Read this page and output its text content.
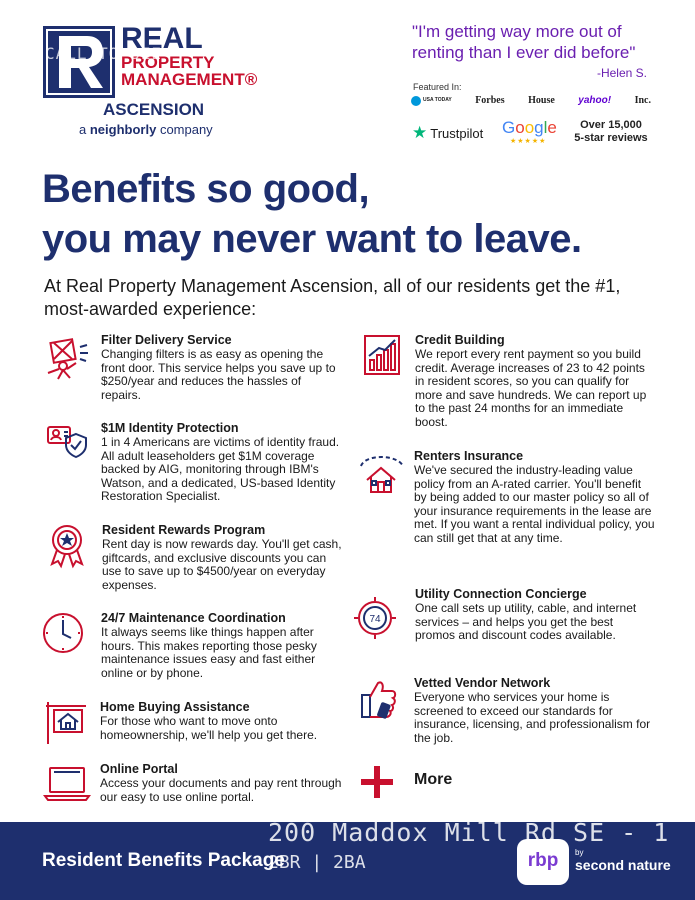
REAL
PROPERTY MANAGEMENT®
ASCENSION
a neighborly company
CALL TO SEE
"I'm getting way more out of renting than I ever did before"
-Helen S.
Featured In:
USA TODAY Forbes House yahoo! Inc.
★ Trustpilot Google
★★★★★
Over 15,000
5-star reviews
Benefits so good,
you may never want to leave.
At Real Property Management Ascension, all of our residents get the #1, most-awarded experience:
Filter Delivery Service
Changing filters is as easy as opening the front door. This service helps you save up to $250/year and reduces the hassles of repairs.
$1M Identity Protection
1 in 4 Americans are victims of identity fraud. All adult leaseholders get $1M coverage backed by AIG, monitoring through IBM's Watson, and a dedicated, US-based Identity Restoration Specialist.
Resident Rewards Program
Rent day is now rewards day. You'll get cash, giftcards, and exclusive discounts you can use to save up to $4500/year on everyday expenses.
24/7 Maintenance Coordination
It always seems like things happen after hours. This makes reporting those pesky maintenance issues easy and fast either online or by phone.
Home Buying Assistance
For those who want to move onto homeownership, we'll help you get there.
Online Portal
Access your documents and pay rent through our easy to use online portal.
Credit Building
We report every rent payment so you build credit. Average increases of 23 to 42 points in resident scores, so you can qualify for more and save hundreds. We can report up to the past 24 months for an immediate boost.
Renters Insurance
We've secured the industry-leading value policy from an A-rated carrier. You'll benefit by being added to our master policy so all of your insurance requirements in the lease are met. If you want a rental individual policy, you can still get that at any time.
74
Utility Connection Concierge
One call sets up utility, cable, and internet services – and helps you get the best promos and discount codes available.
Vetted Vendor Network
Everyone who services your home is screened to exceed our standards for insurance, licensing, and professionalism for the job.
More
Resident Benefits Package	rbp	by
second nature
200 Maddox Mill Rd SE - 1
2BR | 2BA
